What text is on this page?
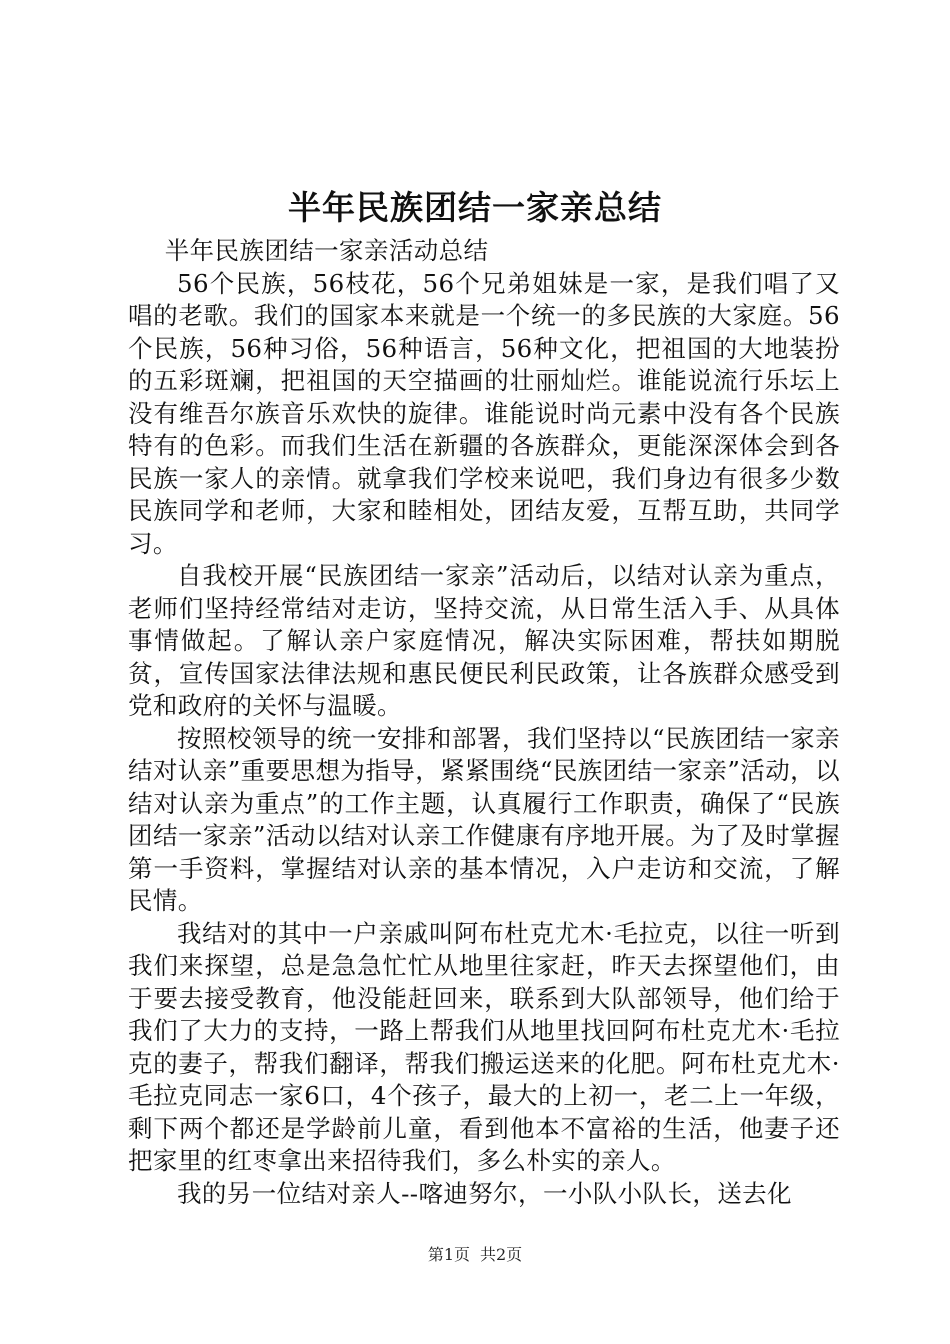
半年民族团结一家亲总结

半年民族团结一家亲活动总结

56个民族，56枝花，56个兄弟姐妹是一家，是我们唱了又唱的老歌。我们的国家本来就是一个统一的多民族的大家庭。56个民族，56种习俗，56种语言，56种文化，把祖国的大地装扮的五彩斑斓，把祖国的天空描画的壮丽灿烂。谁能说流行乐坛上没有维吾尔族音乐欢快的旋律。谁能说时尚元素中没有各个民族特有的色彩。而我们生活在新疆的各族群众，更能深深体会到各民族一家人的亲情。就拿我们学校来说吧，我们身边有很多少数民族同学和老师，大家和睦相处，团结友爱，互帮互助，共同学习。

自我校开展“民族团结一家亲”活动后，以结对认亲为重点，老师们坚持经常结对走访，坚持交流，从日常生活入手、从具体事情做起。了解认亲户家庭情况，解决实际困难，帮扶如期脱贫，宣传国家法律法规和惠民便民利民政策，让各族群众感受到党和政府的关怀与温暖。

按照校领导的统一安排和部署，我们坚持以“民族团结一家亲结对认亲”重要思想为指导，紧紧围绕“民族团结一家亲”活动，以结对认亲为重点”的工作主题，认真履行工作职责，确保了“民族团结一家亲”活动以结对认亲工作健康有序地开展。为了及时掌握第一手资料，掌握结对认亲的基本情况，入户走访和交流，了解民情。

我结对的其中一户亲戚叫阿布杜克尤木·毛拉克，以往一听到我们来探望，总是急急忙忙从地里往家赶，昨天去探望他们，由于要去接受教育，他没能赶回来，联系到大队部领导，他们给于我们了大力的支持，一路上帮我们从地里找回阿布杜克尤木·毛拉克的妻子，帮我们翻译，帮我们搬运送来的化肥。阿布杜克尤木·毛拉克同志一家6口，4个孩子，最大的上初一，老二上一年级，剩下两个都还是学龄前儿童，看到他本不富裕的生活，他妻子还把家里的红枣拿出来招待我们，多么朴实的亲人。

我的另一位结对亲人--喀迪努尔，一小队小队长，送去化

第1页 共2页
